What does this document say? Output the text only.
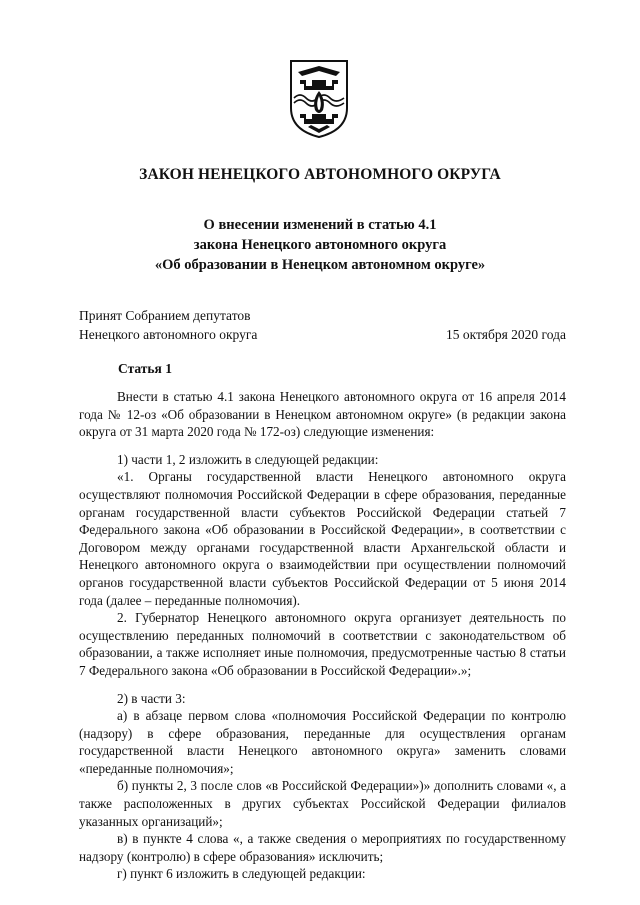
ЗАКОН НЕНЕЦКОГО АВТОНОМНОГО ОКРУГА
О внесении изменений в статью 4.1
закона Ненецкого автономного округа
«Об образовании в Ненецком автономном округе»
Принят Собранием депутатов
Ненецкого автономного округа	15 октября 2020 года
Статья 1

Внести в статью 4.1 закона Ненецкого автономного округа от 16 апреля 2014 года № 12-оз «Об образовании в Ненецком автономном округе» (в редакции закона округа от 31 марта 2020 года № 172-оз) следующие изменения:

1) части 1, 2 изложить в следующей редакции:

«1. Органы государственной власти Ненецкого автономного округа осуществляют полномочия Российской Федерации в сфере образования, переданные органам государственной власти субъектов Российской Федерации статьей 7 Федерального закона «Об образовании в Российской Федерации», в соответствии с Договором между органами государственной власти Архангельской области и Ненецкого автономного округа о взаимодействии при осуществлении полномочий органов государственной власти субъектов Российской Федерации от 5 июня 2014 года (далее – переданные полномочия).

2. Губернатор Ненецкого автономного округа организует деятельность по осуществлению переданных полномочий в соответствии с законодательством об образовании, а также исполняет иные полномочия, предусмотренные частью 8 статьи 7 Федерального закона «Об образовании в Российской Федерации».»;

2) в части 3:

а) в абзаце первом слова «полномочия Российской Федерации по контролю (надзору) в сфере образования, переданные для осуществления органам государственной власти Ненецкого автономного округа» заменить словами «переданные полномочия»;

б) пункты 2, 3 после слов «в Российской Федерации»)» дополнить словами «, а также расположенных в других субъектах Российской Федерации филиалов указанных организаций»;

в) в пункте 4 слова «, а также сведения о мероприятиях по государственному надзору (контролю) в сфере образования» исключить;

г) пункт 6 изложить в следующей редакции:
